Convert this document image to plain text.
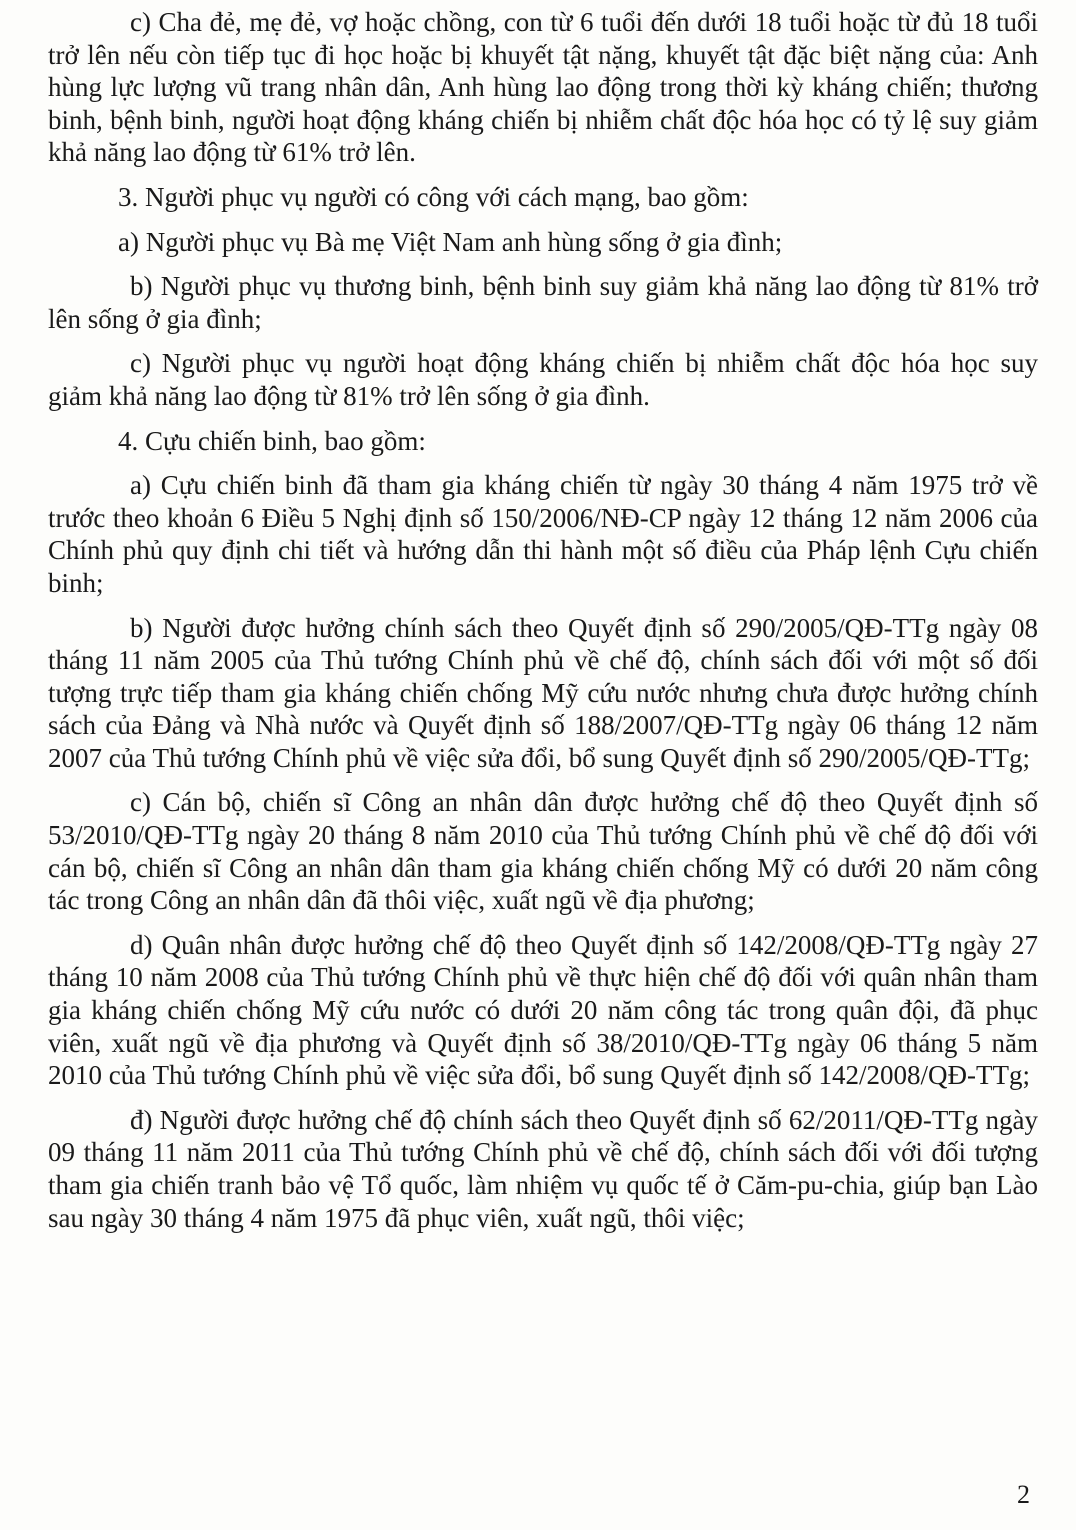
c) Cha đẻ, mẹ đẻ, vợ hoặc chồng, con từ 6 tuổi đến dưới 18 tuổi hoặc từ đủ 18 tuổi trở lên nếu còn tiếp tục đi học hoặc bị khuyết tật nặng, khuyết tật đặc biệt nặng của: Anh hùng lực lượng vũ trang nhân dân, Anh hùng lao động trong thời kỳ kháng chiến; thương binh, bệnh binh, người hoạt động kháng chiến bị nhiễm chất độc hóa học có tỷ lệ suy giảm khả năng lao động từ 61% trở lên.

3. Người phục vụ người có công với cách mạng, bao gồm:

a) Người phục vụ Bà mẹ Việt Nam anh hùng sống ở gia đình;

b) Người phục vụ thương binh, bệnh binh suy giảm khả năng lao động từ 81% trở lên sống ở gia đình;

c) Người phục vụ người hoạt động kháng chiến bị nhiễm chất độc hóa học suy giảm khả năng lao động từ 81% trở lên sống ở gia đình.

4. Cựu chiến binh, bao gồm:

a) Cựu chiến binh đã tham gia kháng chiến từ ngày 30 tháng 4 năm 1975 trở về trước theo khoản 6 Điều 5 Nghị định số 150/2006/NĐ-CP ngày 12 tháng 12 năm 2006 của Chính phủ quy định chi tiết và hướng dẫn thi hành một số điều của Pháp lệnh Cựu chiến binh;

b) Người được hưởng chính sách theo Quyết định số 290/2005/QĐ-TTg ngày 08 tháng 11 năm 2005 của Thủ tướng Chính phủ về chế độ, chính sách đối với một số đối tượng trực tiếp tham gia kháng chiến chống Mỹ cứu nước nhưng chưa được hưởng chính sách của Đảng và Nhà nước và Quyết định số 188/2007/QĐ-TTg ngày 06 tháng 12 năm 2007 của Thủ tướng Chính phủ về việc sửa đổi, bổ sung Quyết định số 290/2005/QĐ-TTg;

c) Cán bộ, chiến sĩ Công an nhân dân được hưởng chế độ theo Quyết định số 53/2010/QĐ-TTg ngày 20 tháng 8 năm 2010 của Thủ tướng Chính phủ về chế độ đối với cán bộ, chiến sĩ Công an nhân dân tham gia kháng chiến chống Mỹ có dưới 20 năm công tác trong Công an nhân dân đã thôi việc, xuất ngũ về địa phương;

d) Quân nhân được hưởng chế độ theo Quyết định số 142/2008/QĐ-TTg ngày 27 tháng 10 năm 2008 của Thủ tướng Chính phủ về thực hiện chế độ đối với quân nhân tham gia kháng chiến chống Mỹ cứu nước có dưới 20 năm công tác trong quân đội, đã phục viên, xuất ngũ về địa phương và Quyết định số 38/2010/QĐ-TTg ngày 06 tháng 5 năm 2010 của Thủ tướng Chính phủ về việc sửa đổi, bổ sung Quyết định số 142/2008/QĐ-TTg;

đ) Người được hưởng chế độ chính sách theo Quyết định số 62/2011/QĐ-TTg ngày 09 tháng 11 năm 2011 của Thủ tướng Chính phủ về chế độ, chính sách đối với đối tượng tham gia chiến tranh bảo vệ Tổ quốc, làm nhiệm vụ quốc tế ở Căm-pu-chia, giúp bạn Lào sau ngày 30 tháng 4 năm 1975 đã phục viên, xuất ngũ, thôi việc;

2
